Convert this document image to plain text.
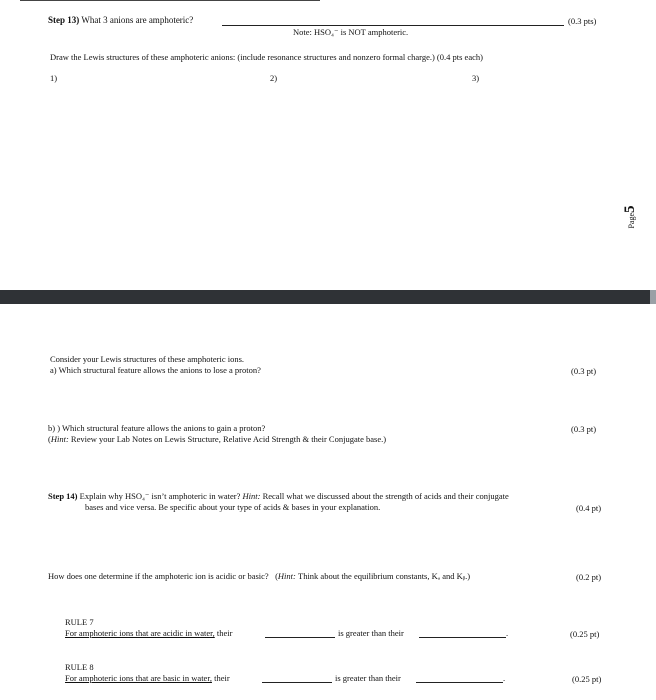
Step 13) What 3 anions are amphoteric?	(0.3 pts)
Note: HSO₄⁻ is NOT amphoteric.
Draw the Lewis structures of these amphoteric anions: (include resonance structures and nonzero formal charge.) (0.4 pts each)
1)	2)	3)
Page5
Consider your Lewis structures of these amphoteric ions.
a) Which structural feature allows the anions to lose a proton?	(0.3 pt)
b) ) Which structural feature allows the anions to gain a proton?	(0.3 pt)
(Hint: Review your Lab Notes on Lewis Structure, Relative Acid Strength & their Conjugate base.)
Step 14) Explain why HSO₄⁻ isn’t amphoteric in water? Hint: Recall what we discussed about the strength of acids and their conjugate
bases and vice versa. Be specific about your type of acids & bases in your explanation.	(0.4 pt)
How does one determine if the amphoteric ion is acidic or basic?   (Hint: Think about the equilibrium constants, Kₐ and Kᵦ.)	(0.2 pt)
RULE 7
For amphoteric ions that are acidic in water, their	is greater than their	.	(0.25 pt)
RULE 8
For amphoteric ions that are basic in water, their	is greater than their	.	(0.25 pt)
